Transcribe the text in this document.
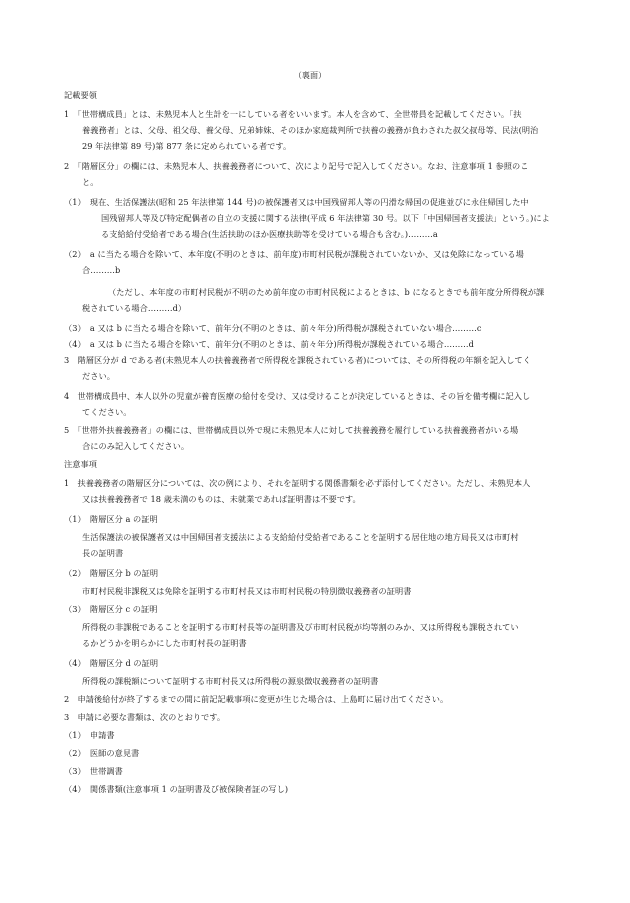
（裏面）
記載要領
1　「世帯構成員」とは、未熟児本人と生計を一にしている者をいいます。本人を含めて、全世帯員を記載してください。「扶
養義務者」とは、父母、祖父母、養父母、兄弟姉妹、そのほか家庭裁判所で扶養の義務が負わされた叔父叔母等、民法(明治
29 年法律第 89 号)第 877 条に定められている者です。
2　「階層区分」の欄には、未熟児本人、扶養義務者について、次により記号で記入してください。なお、注意事項 1 参照のこ
と。
（1）　現在、生活保護法(昭和 25 年法律第 144 号)の被保護者又は中国残留邦人等の円滑な帰国の促進並びに永住帰国した中
国残留邦人等及び特定配偶者の自立の支援に関する法律(平成 6 年法律第 30 号。以下「中国帰国者支援法」という。)によ
る支給給付受給者である場合(生活扶助のほか医療扶助等を受けている場合も含む。)………a
（2）　a に当たる場合を除いて、本年度(不明のときは、前年度)市町村民税が課税されていないか、又は免除になっている場
合………b
（ただし、本年度の市町村民税が不明のため前年度の市町村民税によるときは、b になるときでも前年度分所得税が課
税されている場合………d）
（3）　a 又は b に当たる場合を除いて、前年分(不明のときは、前々年分)所得税が課税されていない場合………c
（4）　a 又は b に当たる場合を除いて、前年分(不明のときは、前々年分)所得税が課税されている場合………d
3　階層区分が d である者(未熟児本人の扶養義務者で所得税を課税されている者)については、その所得税の年額を記入してく
ださい。
4　世帯構成員中、本人以外の児童が養育医療の給付を受け、又は受けることが決定しているときは、その旨を備考欄に記入し
てください。
5　「世帯外扶養義務者」の欄には、世帯構成員以外で現に未熟児本人に対して扶養義務を履行している扶養義務者がいる場
合にのみ記入してください。
注意事項
1　扶養義務者の階層区分については、次の例により、それを証明する関係書類を必ず添付してください。ただし、未熟児本人
又は扶養義務者で 18 歳未満のものは、未就業であれば証明書は不要です。
（1）　階層区分 a の証明
生活保護法の被保護者又は中国帰国者支援法による支給給付受給者であることを証明する居住地の地方局長又は市町村
長の証明書
（2）　階層区分 b の証明
市町村民税非課税又は免除を証明する市町村長又は市町村民税の特別徴収義務者の証明書
（3）　階層区分 c の証明
所得税の非課税であることを証明する市町村長等の証明書及び市町村民税が均等割のみか、又は所得税も課税されてい
るかどうかを明らかにした市町村長の証明書
（4）　階層区分 d の証明
所得税の課税額について証明する市町村長又は所得税の源泉徴収義務者の証明書
2　申請後給付が終了するまでの間に前記記載事項に変更が生じた場合は、上島町に届け出てください。
3　申請に必要な書類は、次のとおりです。
（1）　申請書
（2）　医師の意見書
（3）　世帯調書
（4）　関係書類(注意事項 1 の証明書及び被保険者証の写し)
